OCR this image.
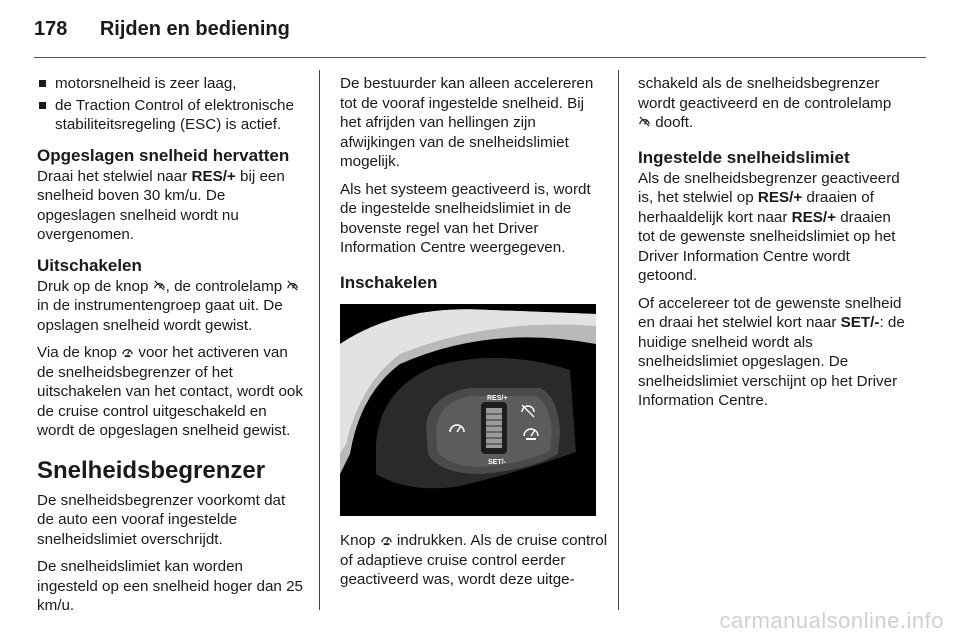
178 Rijden en bediening
motorsnelheid is zeer laag,
de Traction Control of elektronische stabiliteitsregeling (ESC) is actief.
Opgeslagen snelheid hervatten

Draai het stelwiel naar RES/+ bij een snelheid boven 30 km/u. De opgeslagen snelheid wordt nu overgenomen.

Uitschakelen

Druk op de knop , de controlelamp  in de instrumentengroep gaat uit. De opslagen snelheid wordt gewist.

Via de knop  voor het activeren van de snelheidsbegrenzer of het uitschakelen van het contact, wordt ook de cruise control uitgeschakeld en wordt de opgeslagen snelheid gewist.

Snelheidsbegrenzer

De snelheidsbegrenzer voorkomt dat de auto een vooraf ingestelde snelheidslimiet overschrijdt.

De snelheidslimiet kan worden ingesteld op een snelheid hoger dan 25 km/u.

De bestuurder kan alleen accelereren tot de vooraf ingestelde snelheid. Bij het afrijden van hellingen zijn afwijkingen van de snelheidslimiet mogelijk.

Als het systeem geactiveerd is, wordt de ingestelde snelheidslimiet in de bovenste regel van het Driver Information Centre weergegeven.

Inschakelen
RES/+
SET/-

Knop  indrukken. Als de cruise control of adaptieve cruise control eerder geactiveerd was, wordt deze uitge-

schakeld als de snelheidsbegrenzer wordt geactiveerd en de controlelamp  dooft.

Ingestelde snelheidslimiet

Als de snelheidsbegrenzer geactiveerd is, het stelwiel op RES/+ draaien of herhaaldelijk kort naar RES/+ draaien tot de gewenste snelheidslimiet op het Driver Information Centre wordt getoond.

Of accelereer tot de gewenste snelheid en draai het stelwiel kort naar SET/-: de huidige snelheid wordt als snelheidslimiet opgeslagen. De snelheidslimiet verschijnt op het Driver Information Centre.

carmanualsonline.info
